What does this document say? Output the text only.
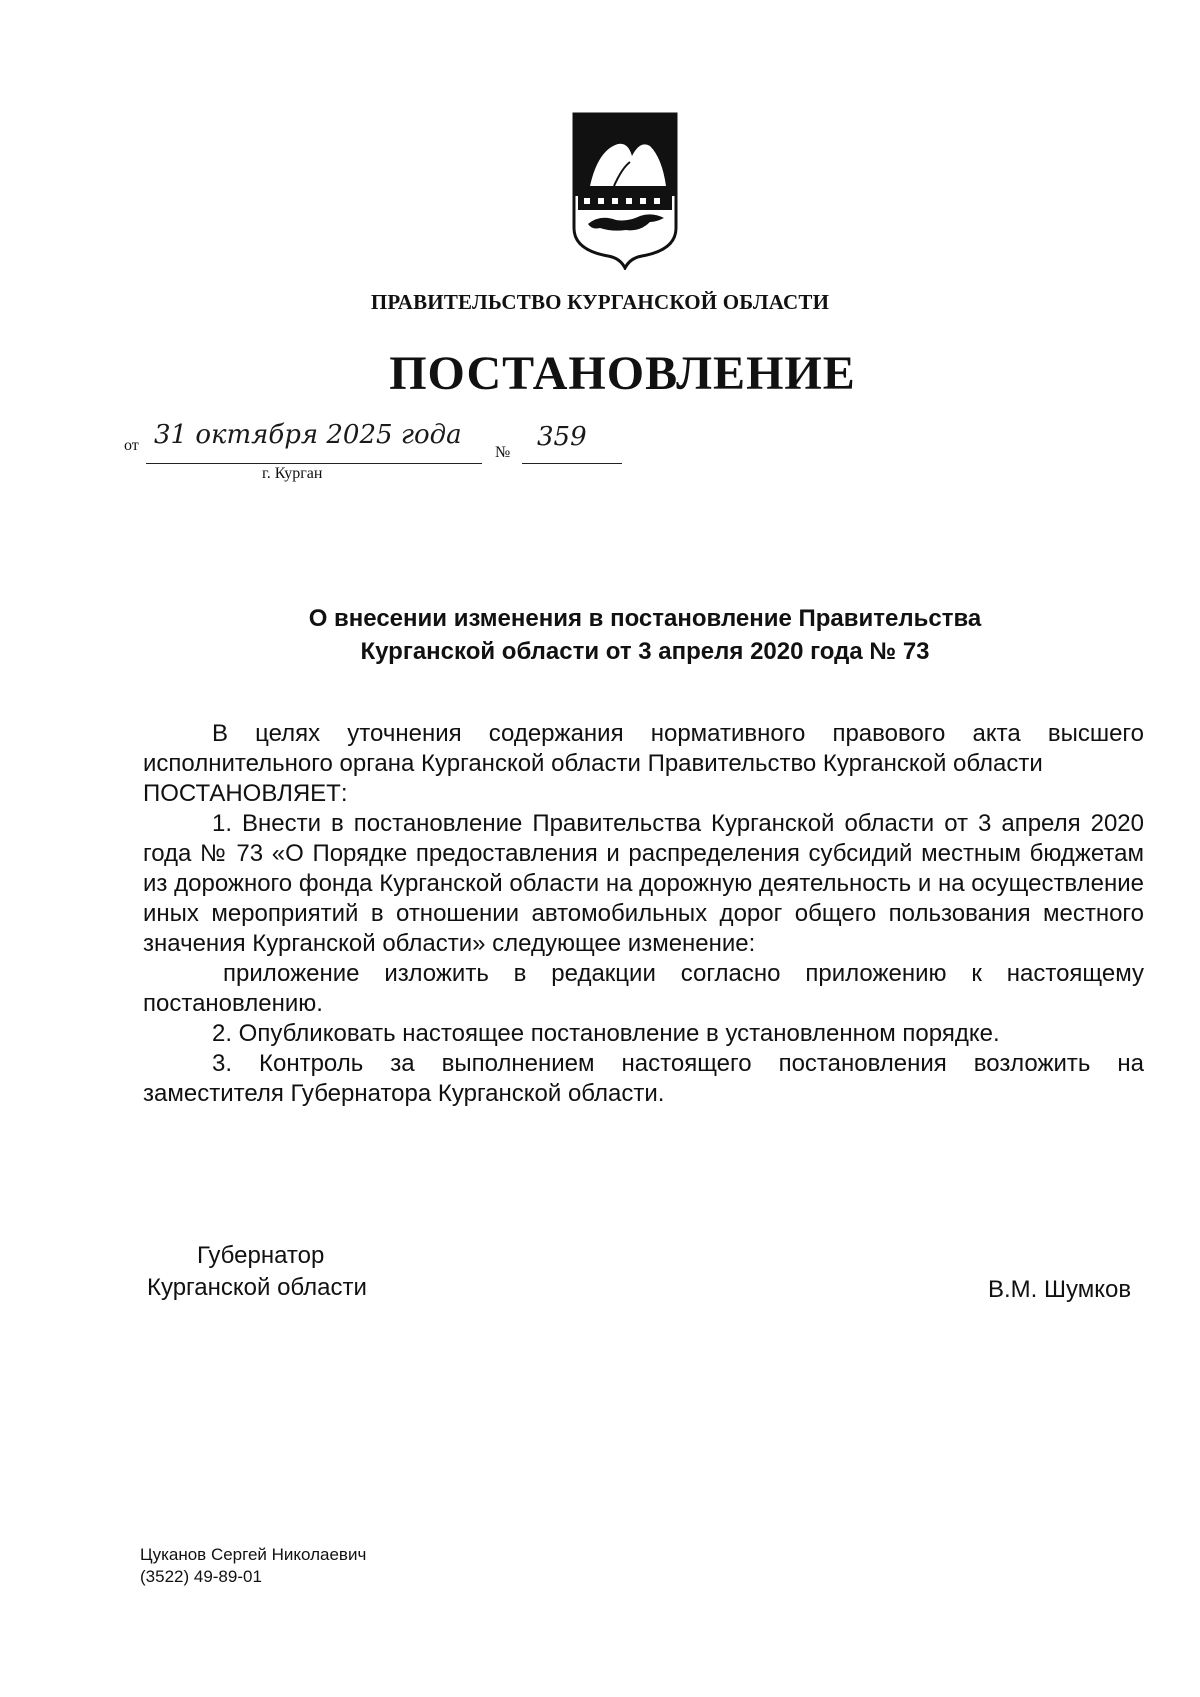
ПРАВИТЕЛЬСТВО КУРГАНСКОЙ ОБЛАСТИ
ПОСТАНОВЛЕНИЕ
от 31 октября 2025 года
№
359
г. Курган
О внесении изменения в постановление Правительства
Курганской области от 3 апреля 2020 года № 73

В целях уточнения содержания нормативного правового акта высшего исполнительного органа Курганской области Правительство Курганской области

ПОСТАНОВЛЯЕТ:

1. Внести в постановление Правительства Курганской области от 3 апреля 2020 года № 73 «О Порядке предоставления и распределения субсидий местным бюджетам из дорожного фонда Курганской области на дорожную деятельность и на осуществление иных мероприятий в отношении автомобильных дорог общего пользования местного значения Курганской области» следующее изменение:

приложение изложить в редакции согласно приложению к настоящему постановлению.

2. Опубликовать настоящее постановление в установленном порядке.

3. Контроль за выполнением настоящего постановления возложить на заместителя Губернатора Курганской области.

Губернатор
Курганской области	В.М. Шумков
Цуканов Сергей Николаевич
(3522) 49-89-01
